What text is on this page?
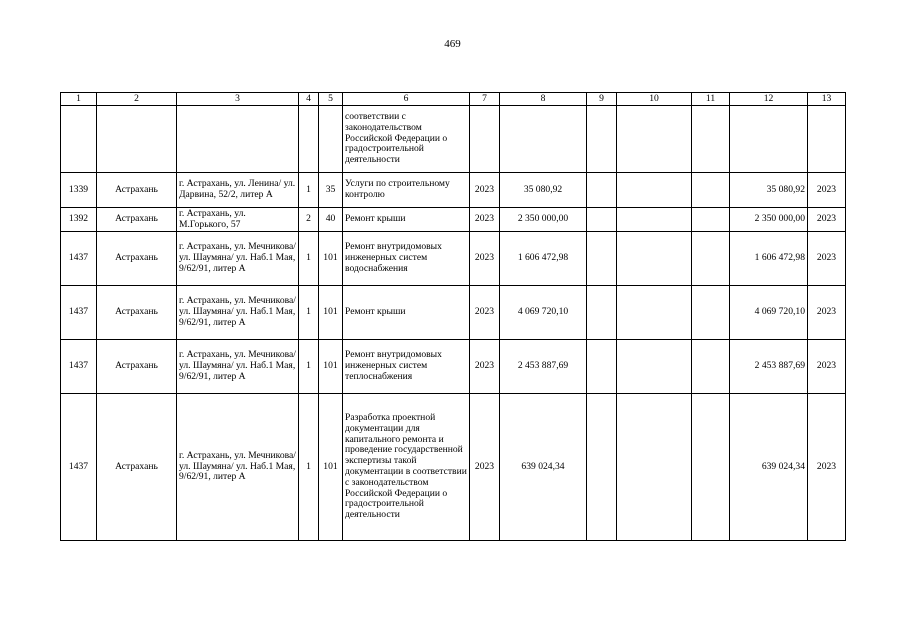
469
1	2	3	4	5	6	7	8	9	10	11	12	13
					соответствии с законодательством Российской Федерации о градостроительной деятельности							
1339	Астрахань	г. Астрахань, ул. Ленина/ ул. Дарвина, 52/2, литер А	1	35	Услуги по строительному контролю	2023	35 080,92				35 080,92	2023
1392	Астрахань	г. Астрахань, ул. М.Горького, 57	2	40	Ремонт крыши	2023	2 350 000,00				2 350 000,00	2023
1437	Астрахань	г. Астрахань, ул. Мечникова/ ул. Шаумяна/ ул. Наб.1 Мая, 9/62/91, литер А	1	101	Ремонт внутридомовых инженерных систем водоснабжения	2023	1 606 472,98				1 606 472,98	2023
1437	Астрахань	г. Астрахань, ул. Мечникова/ ул. Шаумяна/ ул. Наб.1 Мая, 9/62/91, литер А	1	101	Ремонт крыши	2023	4 069 720,10				4 069 720,10	2023
1437	Астрахань	г. Астрахань, ул. Мечникова/ ул. Шаумяна/ ул. Наб.1 Мая, 9/62/91, литер А	1	101	Ремонт внутридомовых инженерных систем теплоснабжения	2023	2 453 887,69				2 453 887,69	2023
1437	Астрахань	г. Астрахань, ул. Мечникова/ ул. Шаумяна/ ул. Наб.1 Мая, 9/62/91, литер А	1	101	Разработка проектной документации для капитального ремонта и проведение государственной экспертизы такой документации в соответствии с законодательством Российской Федерации о градостроительной деятельности	2023	639 024,34				639 024,34	2023
